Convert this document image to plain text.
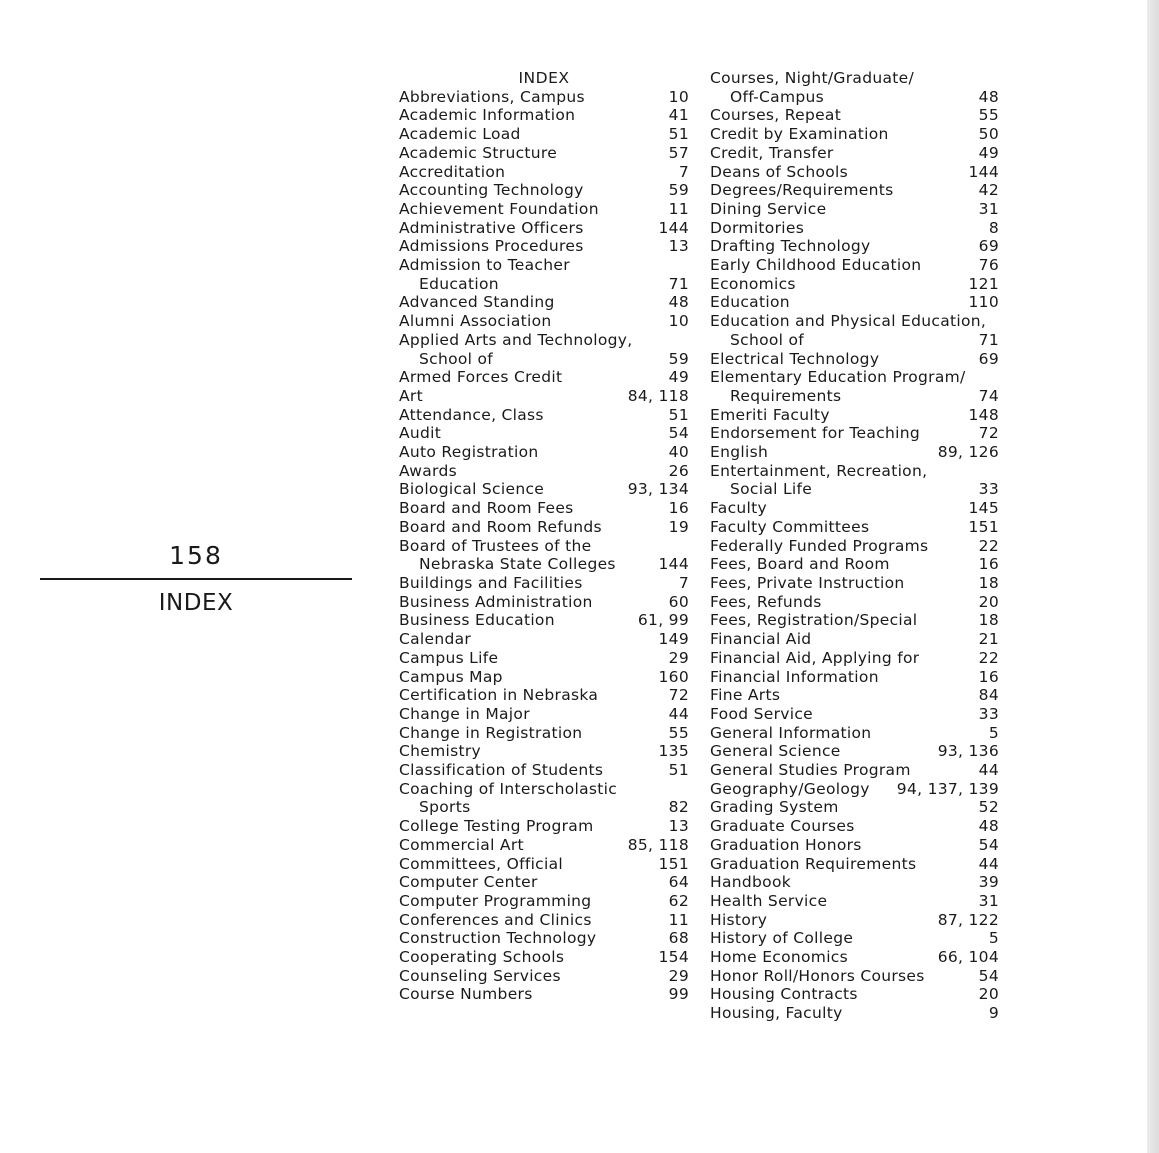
158
INDEX
INDEX
Abbreviations, Campus	10
Academic Information	41
Academic Load	51
Academic Structure	57
Accreditation	7
Accounting Technology	59
Achievement Foundation	11
Administrative Officers	144
Admissions Procedures	13
Admission to Teacher
Education	71
Advanced Standing	48
Alumni Association	10
Applied Arts and Technology,
School of	59
Armed Forces Credit	49
Art	84, 118
Attendance, Class	51
Audit	54
Auto Registration	40
Awards	26
Biological Science	93, 134
Board and Room Fees	16
Board and Room Refunds	19
Board of Trustees of the
Nebraska State Colleges	144
Buildings and Facilities	7
Business Administration	60
Business Education	61, 99
Calendar	149
Campus Life	29
Campus Map	160
Certification in Nebraska	72
Change in Major	44
Change in Registration	55
Chemistry	135
Classification of Students	51
Coaching of Interscholastic
Sports	82
College Testing Program	13
Commercial Art	85, 118
Committees, Official	151
Computer Center	64
Computer Programming	62
Conferences and Clinics	11
Construction Technology	68
Cooperating Schools	154
Counseling Services	29
Course Numbers	99
Courses, Night/Graduate/
Off-Campus	48
Courses, Repeat	55
Credit by Examination	50
Credit, Transfer	49
Deans of Schools	144
Degrees/Requirements	42
Dining Service	31
Dormitories	8
Drafting Technology	69
Early Childhood Education	76
Economics	121
Education	110
Education and Physical Education,
School of	71
Electrical Technology	69
Elementary Education Program/
Requirements	74
Emeriti Faculty	148
Endorsement for Teaching	72
English	89, 126
Entertainment, Recreation,
Social Life	33
Faculty	145
Faculty Committees	151
Federally Funded Programs	22
Fees, Board and Room	16
Fees, Private Instruction	18
Fees, Refunds	20
Fees, Registration/Special	18
Financial Aid	21
Financial Aid, Applying for	22
Financial Information	16
Fine Arts	84
Food Service	33
General Information	5
General Science	93, 136
General Studies Program	44
Geography/Geology	94, 137, 139
Grading System	52
Graduate Courses	48
Graduation Honors	54
Graduation Requirements	44
Handbook	39
Health Service	31
History	87, 122
History of College	5
Home Economics	66, 104
Honor Roll/Honors Courses	54
Housing Contracts	20
Housing, Faculty	9
